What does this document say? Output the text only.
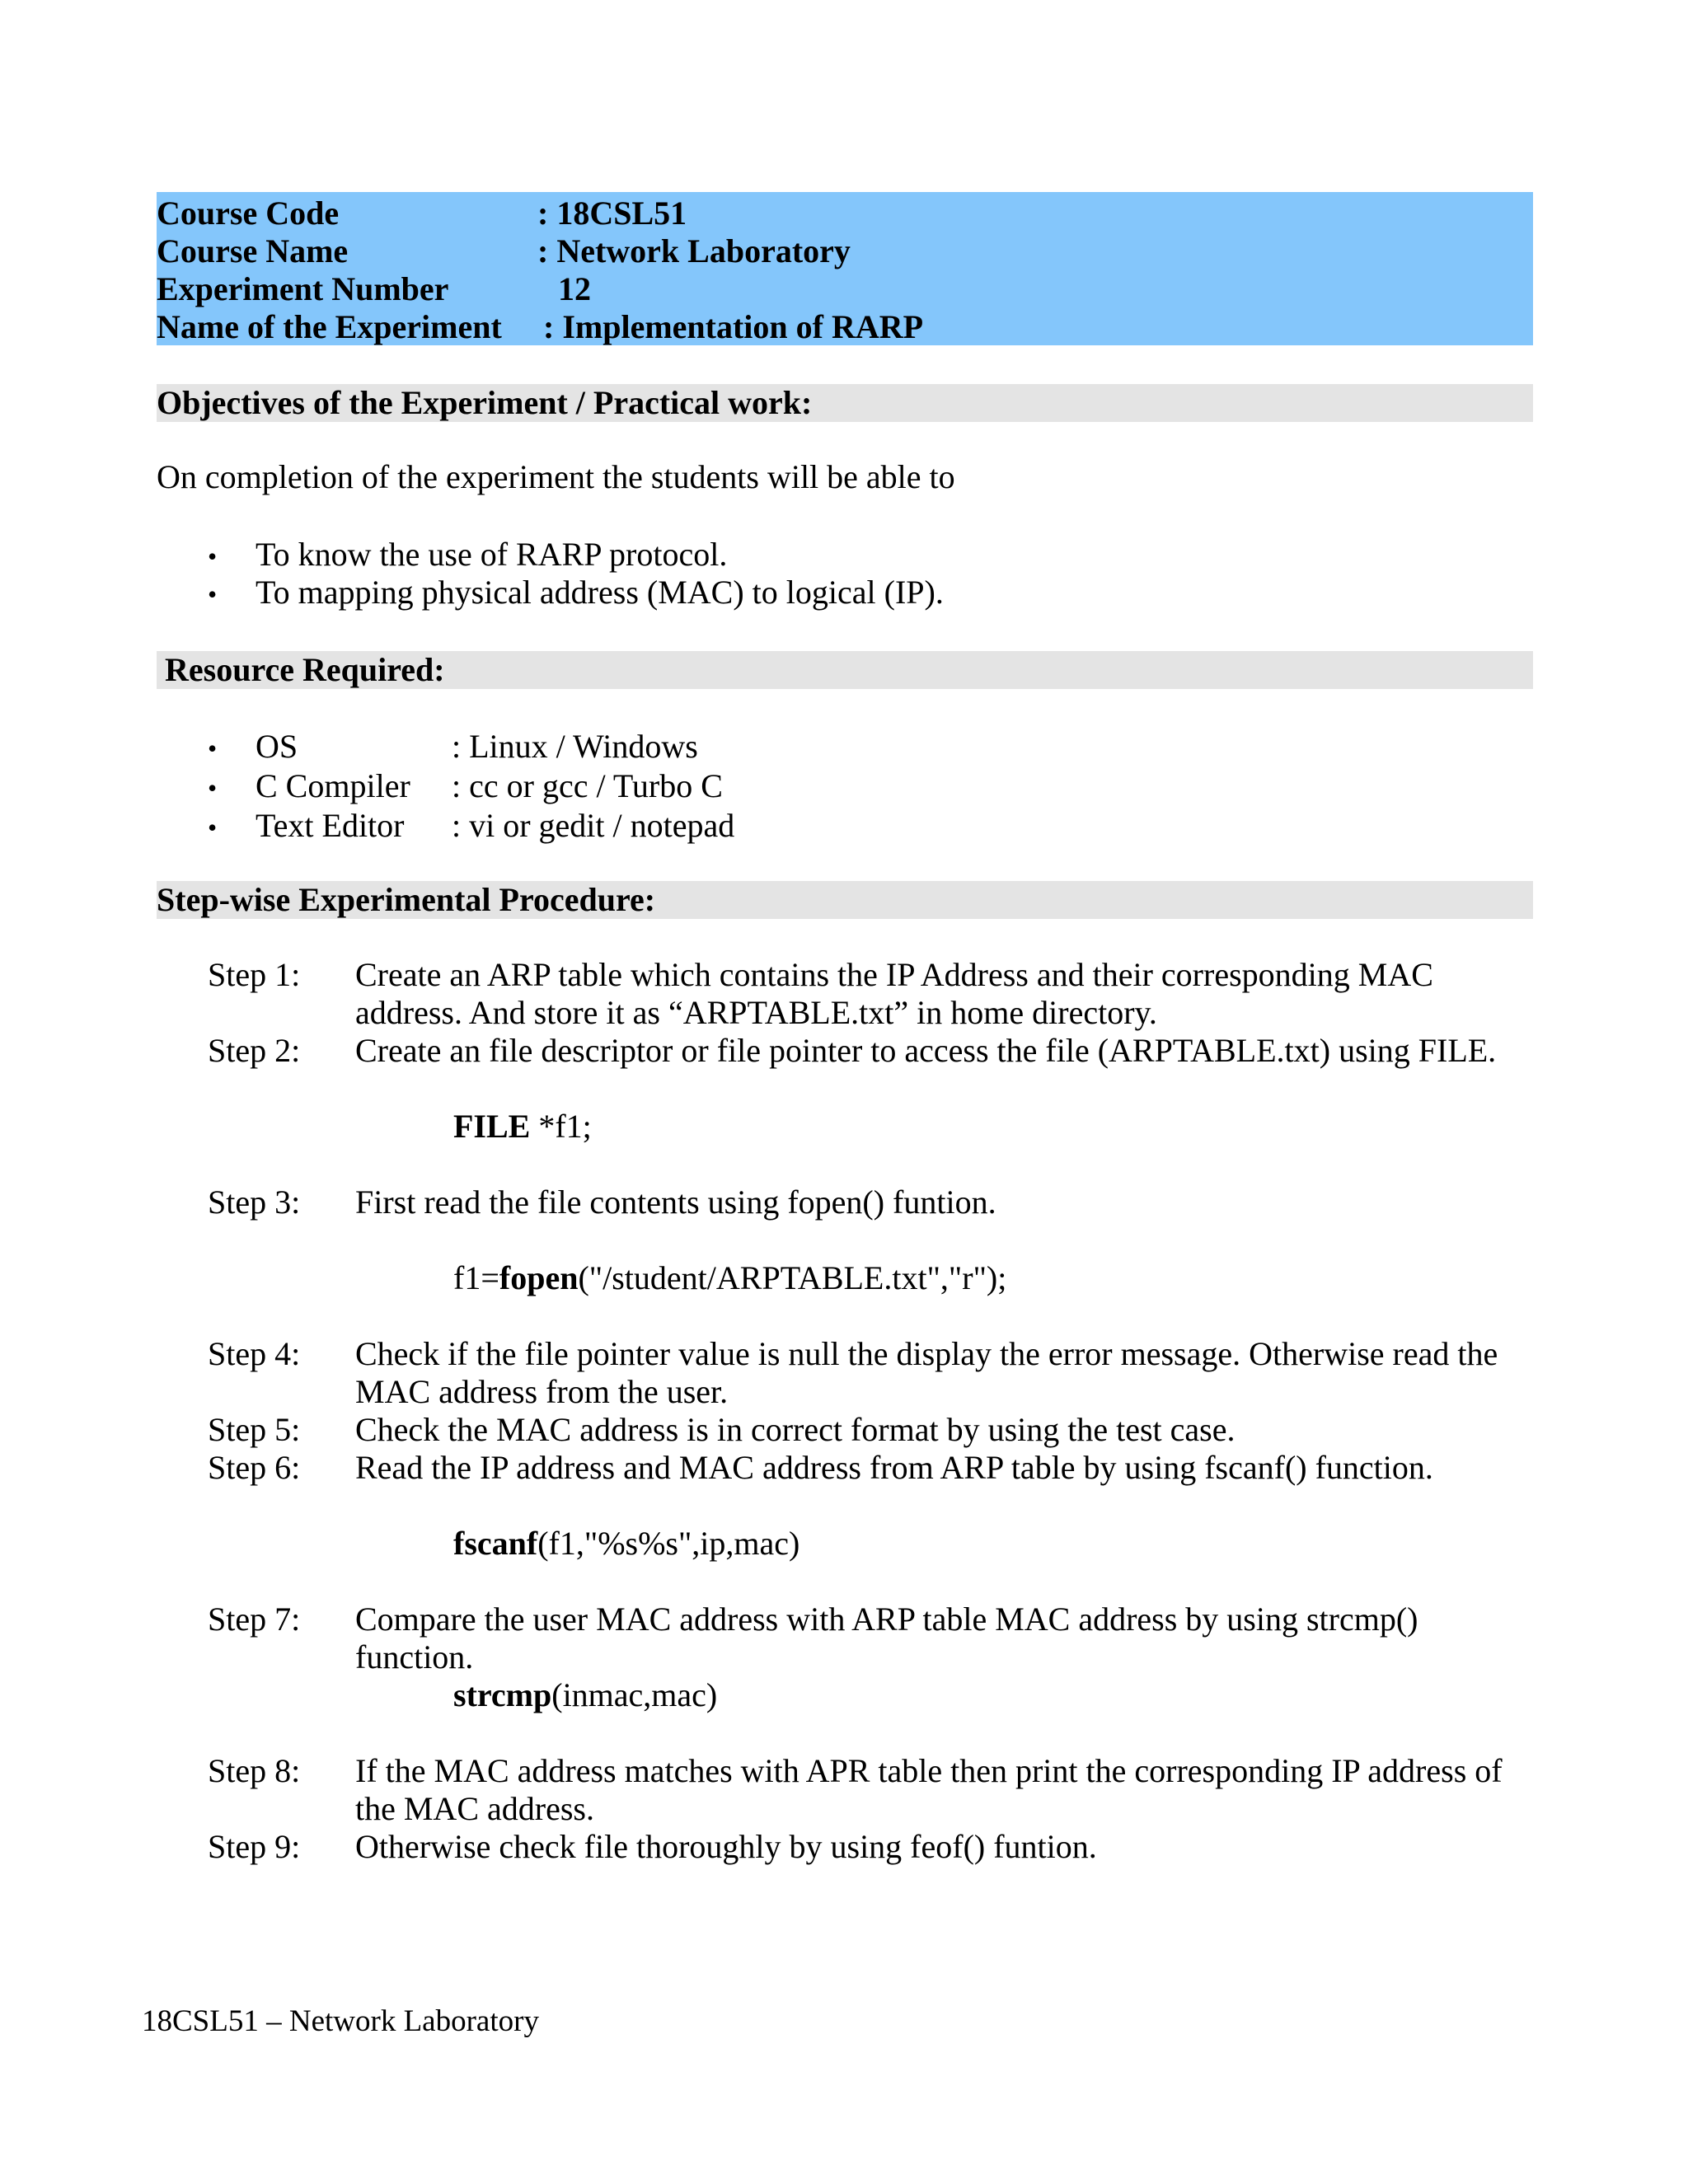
Course Code	: 18CSL51
Course Name	: Network Laboratory
Experiment Number	12
Name of the Experiment : Implementation of RARP
Objectives of the Experiment / Practical work:
On completion of the experiment the students will be able to
• To know the use of RARP protocol.
• To mapping physical address (MAC) to logical (IP).
Resource Required:
• OS	: Linux / Windows
• C Compiler : cc or gcc / Turbo C
• Text Editor : vi or gedit / notepad
Step-wise Experimental Procedure:
Step 1: Create an ARP table which contains the IP Address and their corresponding MAC
address. And store it as “ARPTABLE.txt” in home directory.
Step 2: Create an file descriptor or file pointer to access the file (ARPTABLE.txt) using FILE.
FILE *f1;
Step 3: First read the file contents using fopen() funtion.
f1=fopen("/student/ARPTABLE.txt","r");
Step 4: Check if the file pointer value is null the display the error message. Otherwise read the
MAC address from the user.
Step 5: Check the MAC address is in correct format by using the test case.
Step 6: Read the IP address and MAC address from ARP table by using fscanf() function.
fscanf(f1,"%s%s",ip,mac)
Step 7: Compare the user MAC address with ARP table MAC address by using strcmp()
function.
strcmp(inmac,mac)
Step 8: If the MAC address matches with APR table then print the corresponding IP address of
the MAC address.
Step 9: Otherwise check file thoroughly by using feof() funtion.
18CSL51 – Network Laboratory
